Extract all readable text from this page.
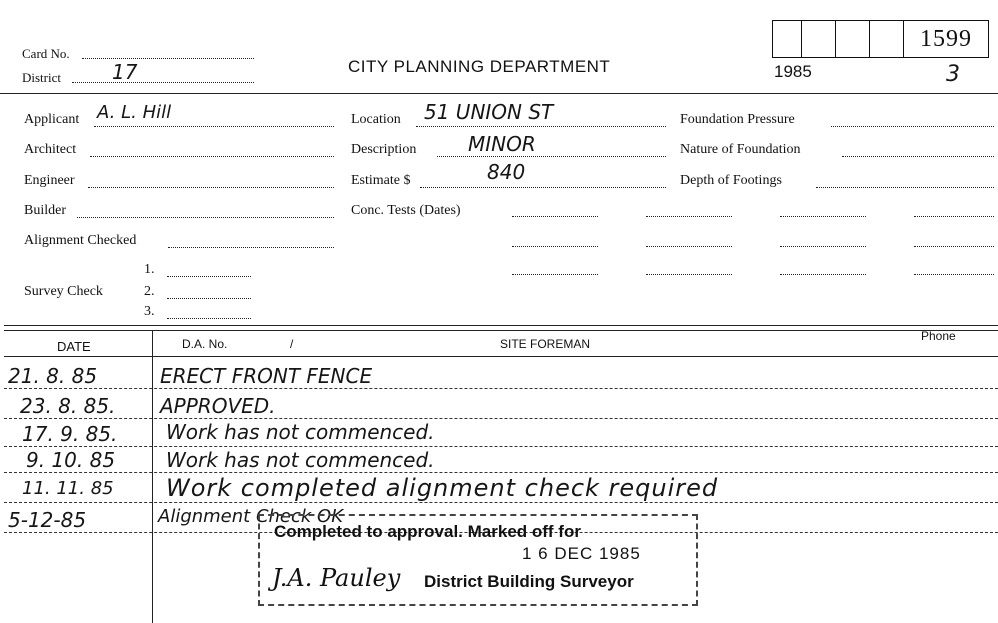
Card No.
District	17	CITY PLANNING DEPARTMENT
1599
1985	3
Applicant A. L. Hill
Architect
Engineer
Builder
Alignment Checked
1.
Survey Check	2.
3.
Location 51 UNION ST
Description	MINOR
Estimate $	840
Conc. Tests (Dates)
Foundation Pressure
Nature of Foundation
Depth of Footings
DATE	D.A. No.	/	SITE FOREMAN
Phone
21. 8. 85	ERECT FRONT FENCE
23. 8. 85. APPROVED.
17. 9. 85. Work has not commenced.
9. 10. 85	Work has not commenced.
11. 11. 85 Work completed alignment check required
5-12-85	Alignment Check OK
Completed to approval. Marked off for
1 6 DEC 1985
J.A. Pauley District Building Surveyor
